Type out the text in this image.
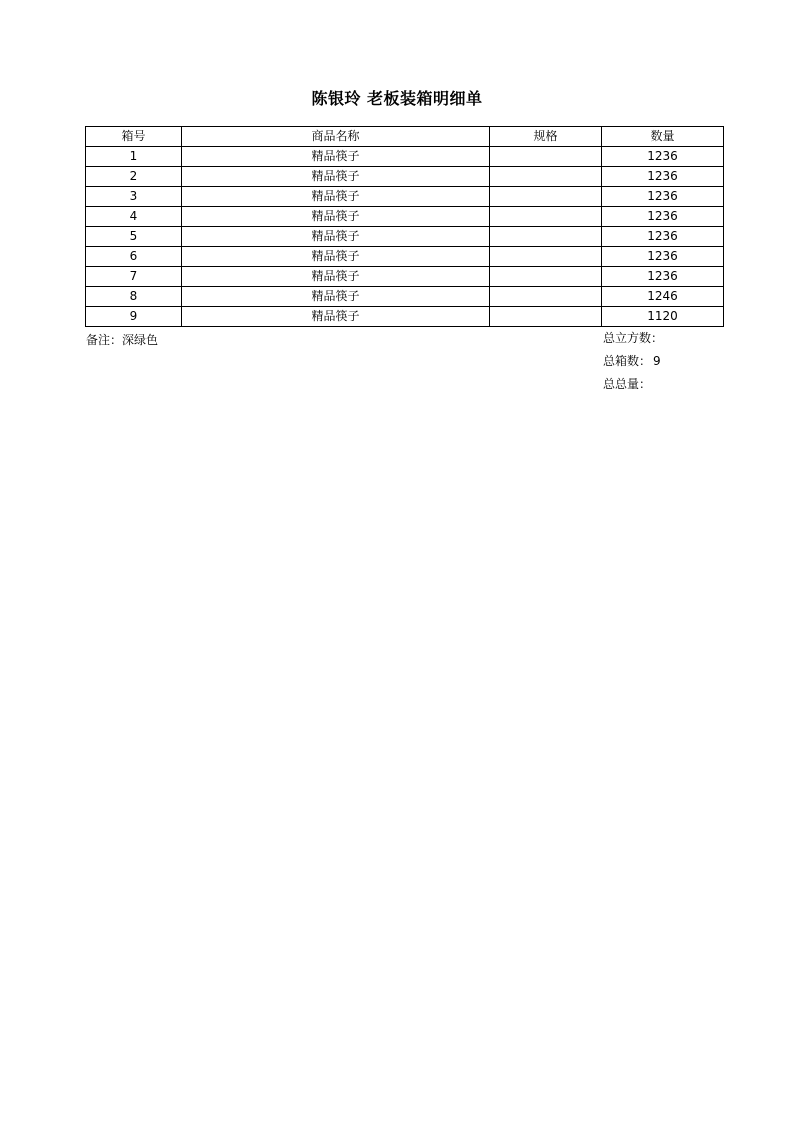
陈银玲 老板装箱明细单
箱号	商品名称	规格	数量
1	精品筷子		1236
2	精品筷子		1236
3	精品筷子		1236
4	精品筷子		1236
5	精品筷子		1236
6	精品筷子		1236
7	精品筷子		1236
8	精品筷子		1246
9	精品筷子		1120
备注：深绿色	总立方数：
总箱数： 9
总总量：
